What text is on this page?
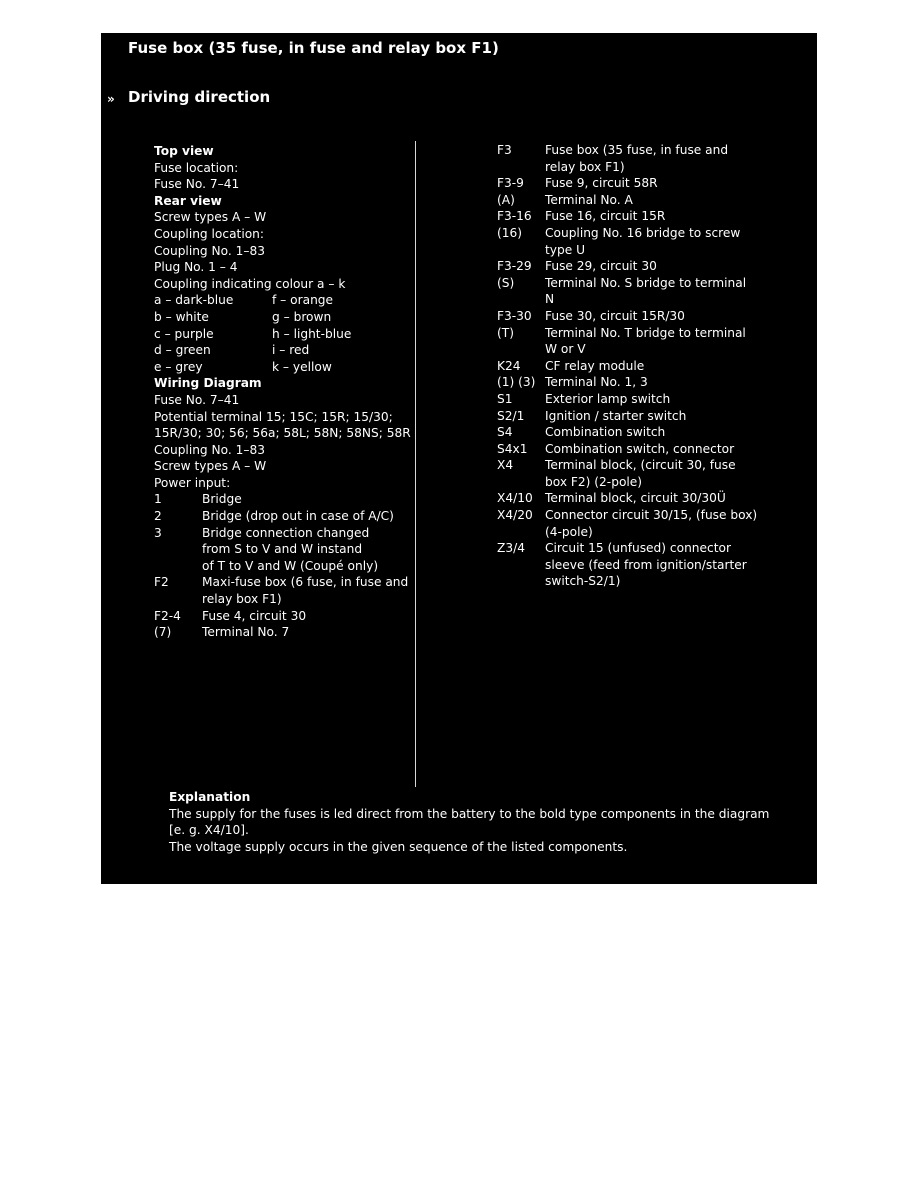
Fuse box (35 fuse, in fuse and relay box F1)
» Driving direction
Top view
Fuse location:
Fuse No. 7–41
Rear view
Screw types A – W
Coupling location:
Coupling No. 1–83
Plug No. 1 – 4
Coupling indicating colour a – k
a – dark-blue	f – orange
b – white	g – brown
c – purple	h – light-blue
d – green	i – red
e – grey	k – yellow
Wiring Diagram
Fuse No. 7–41
Potential terminal 15; 15C; 15R; 15/30;
15R/30; 30; 56; 56a; 58L; 58N; 58NS; 58R
Coupling No. 1–83
Screw types A – W
Power input:
1	Bridge
2	Bridge (drop out in case of A/C)
3	Bridge connection changed
from S to V and W instand
of T to V and W (Coupé only)
F2	Maxi-fuse box (6 fuse, in fuse and
relay box F1)
F2-4	Fuse 4, circuit 30
(7)	Terminal No. 7
F3	Fuse box (35 fuse, in fuse and
relay box F1)
F3-9	Fuse 9, circuit 58R
(A)	Terminal No. A
F3-16	Fuse 16, circuit 15R
(16)	Coupling No. 16 bridge to screw
type U
F3-29	Fuse 29, circuit 30
(S)	Terminal No. S bridge to terminal
N
F3-30	Fuse 30, circuit 15R/30
(T)	Terminal No. T bridge to terminal
W or V
K24	CF relay module
(1) (3) Terminal No. 1, 3
S1	Exterior lamp switch
S2/1	Ignition / starter switch
S4	Combination switch
S4x1	Combination switch, connector
X4	Terminal block, (circuit 30, fuse
box F2) (2-pole)
X4/10	Terminal block, circuit 30/30Ü
X4/20	Connector circuit 30/15, (fuse box)
(4-pole)
Z3/4	Circuit 15 (unfused) connector
sleeve (feed from ignition/starter
switch-S2/1)
Explanation
The supply for the fuses is led direct from the battery to the bold type components in the diagram
[e. g. X4/10].
The voltage supply occurs in the given sequence of the listed components.
